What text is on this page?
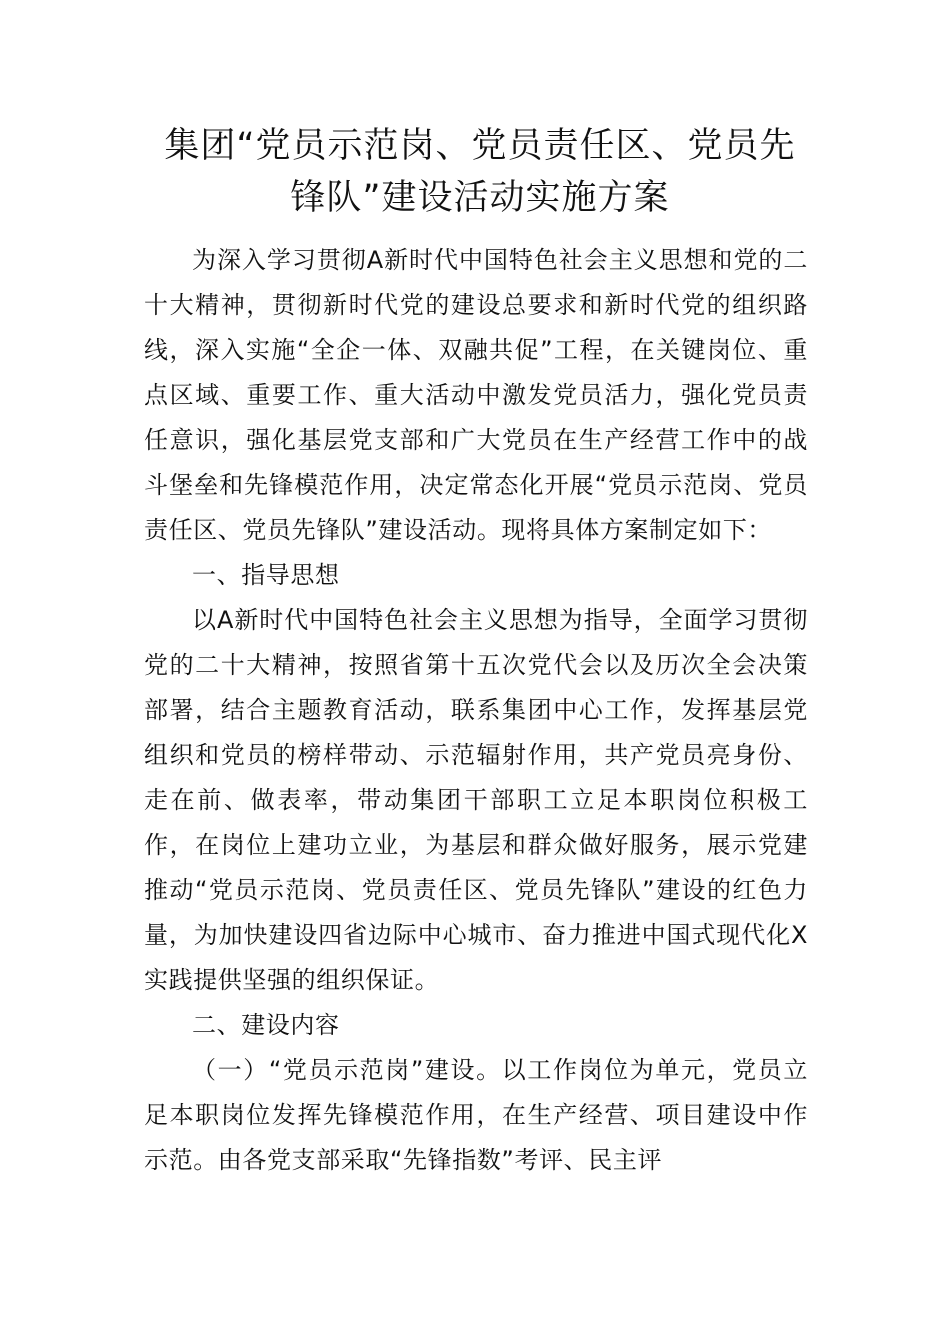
集团“党员示范岗、党员责任区、党员先锋队”建设活动实施方案

为深入学习贯彻A新时代中国特色社会主义思想和党的二十大精神，贯彻新时代党的建设总要求和新时代党的组织路线，深入实施“全企一体、双融共促”工程，在关键岗位、重点区域、重要工作、重大活动中激发党员活力，强化党员责任意识，强化基层党支部和广大党员在生产经营工作中的战斗堡垒和先锋模范作用，决定常态化开展“党员示范岗、党员责任区、党员先锋队”建设活动。现将具体方案制定如下：

一、指导思想

以A新时代中国特色社会主义思想为指导，全面学习贯彻党的二十大精神，按照省第十五次党代会以及历次全会决策部署，结合主题教育活动，联系集团中心工作，发挥基层党组织和党员的榜样带动、示范辐射作用，共产党员亮身份、走在前、做表率，带动集团干部职工立足本职岗位积极工作，在岗位上建功立业，为基层和群众做好服务，展示党建推动“党员示范岗、党员责任区、党员先锋队”建设的红色力量，为加快建设四省边际中心城市、奋力推进中国式现代化X实践提供坚强的组织保证。

二、建设内容

（一）“党员示范岗”建设。以工作岗位为单元，党员立足本职岗位发挥先锋模范作用，在生产经营、项目建设中作示范。由各党支部采取“先锋指数”考评、民主评
